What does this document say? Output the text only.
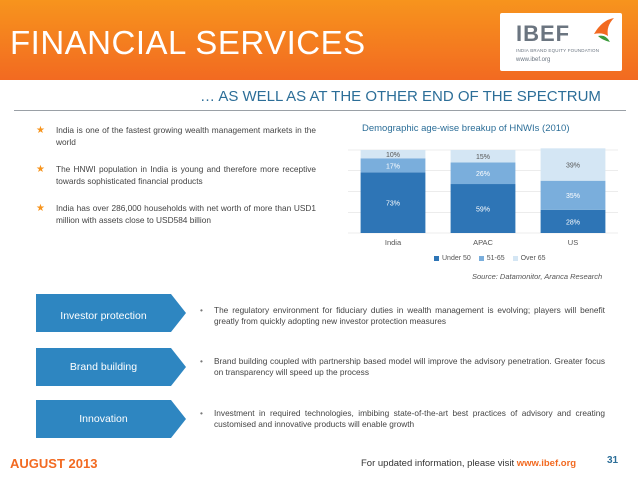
FINANCIAL SERVICES	IBEF
INDIA BRAND EQUITY FOUNDATION
www.ibef.org
… AS WELL AS AT THE OTHER END OF THE SPECTRUM
★ India is one of the fastest growing wealth management markets in the world
★ The HNWI population in India is young and therefore more receptive towards sophisticated financial products
★ India has over 286,000 households with net worth of more than USD1 million with assets close to USD584 billion
Demographic age-wise breakup of HNWIs (2010)
73%
17%
10%
India
59%
26%
15%
APAC
28%
35%
39%
US
Under 50 51-65 Over 65
Source: Datamonitor, Aranca Research
Investor protection	•	The regulatory environment for fiduciary duties in wealth management is evolving; players will benefit greatly from quickly adopting new investor protection measures
Brand building	•	Brand building coupled with partnership based model will improve the advisory penetration. Greater focus on transparency will speed up the process
Innovation	•	Investment in required technologies, imbibing state-of-the-art best practices of advisory and creating customised and innovative products will enable growth
AUGUST 2013	For updated information, please visit www.ibef.org	31
